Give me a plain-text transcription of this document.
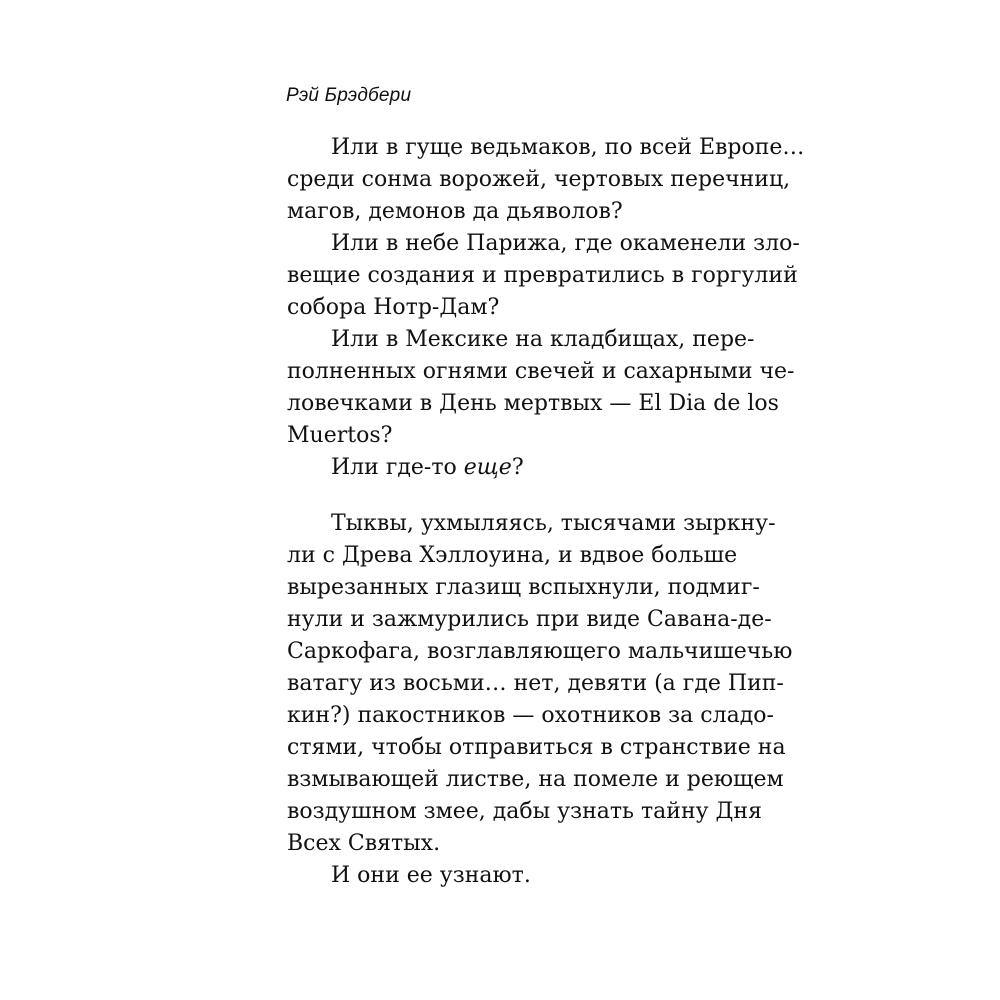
Рэй Брэдбери
Или в гуще ведьмаков, по всей Европе…
среди сонма ворожей, чертовых перечниц,
магов, демонов да дьяволов?
Или в небе Парижа, где окаменели зло-
вещие создания и превратились в горгулий
собора Нотр-Дам?
Или в Мексике на кладбищах, пере-
полненных огнями свечей и сахарными че-
ловечками в День мертвых — El Dia de los
Muertos?
Или где-то еще?
Тыквы, ухмыляясь, тысячами зыркну-
ли с Древа Хэллоуина, и вдвое больше
вырезанных глазищ вспыхнули, подмиг-
нули и зажмурились при виде Савана-де-
Саркофага, возглавляющего мальчишечью
ватагу из восьми… нет, девяти (а где Пип-
кин?) пакостников — охотников за сладо-
стями, чтобы отправиться в странствие на
взмывающей листве, на помеле и реющем
воздушном змее, дабы узнать тайну Дня
Всех Святых.
И они ее узнают.
